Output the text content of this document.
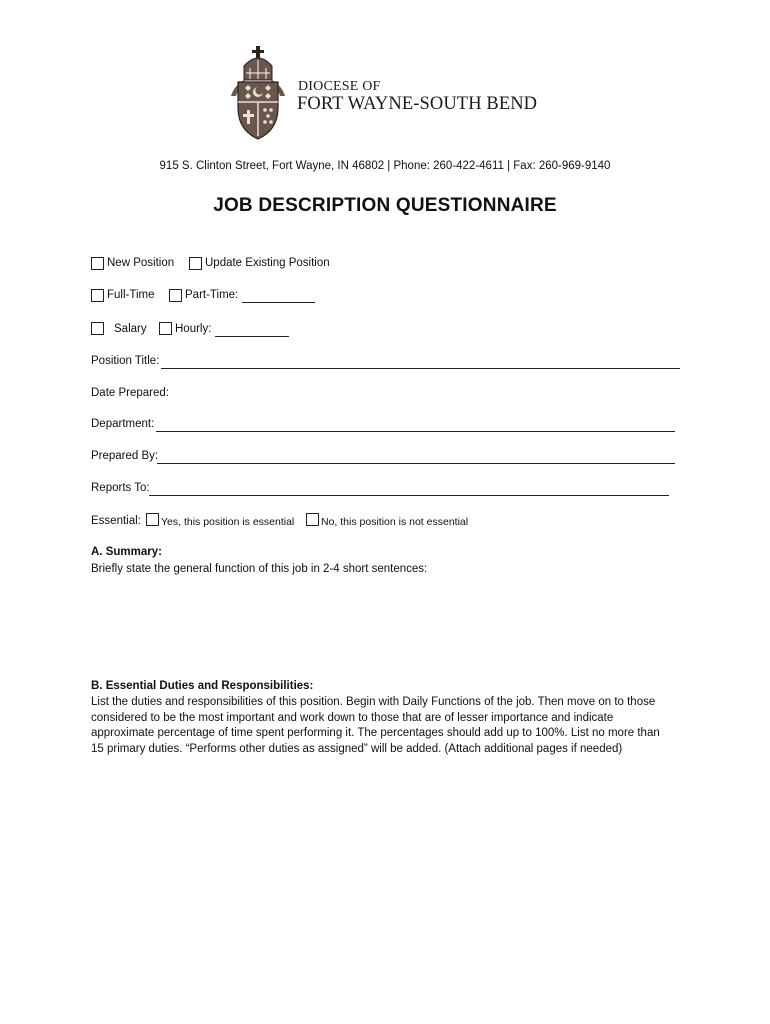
DIOCESE OF
FORT WAYNE-SOUTH BEND
915 S. Clinton Street, Fort Wayne, IN 46802 | Phone: 260-422-4611 | Fax: 260-969-9140
JOB DESCRIPTION QUESTIONNAIRE
New Position	Update Existing Position
Full-Time	Part-Time:
Salary Hourly:
Position Title:
Date Prepared:
Department:
Prepared By:
Reports To:
Essential: Yes, this position is essential	No, this position is not essential
A. Summary:
Briefly state the general function of this job in 2-4 short sentences:
B. Essential Duties and Responsibilities:
List the duties and responsibilities of this position. Begin with Daily Functions of the job. Then move on to those
considered to be the most important and work down to those that are of lesser importance and indicate
approximate percentage of time spent performing it. The percentages should add up to 100%. List no more than
15 primary duties. “Performs other duties as assigned” will be added. (Attach additional pages if needed)
